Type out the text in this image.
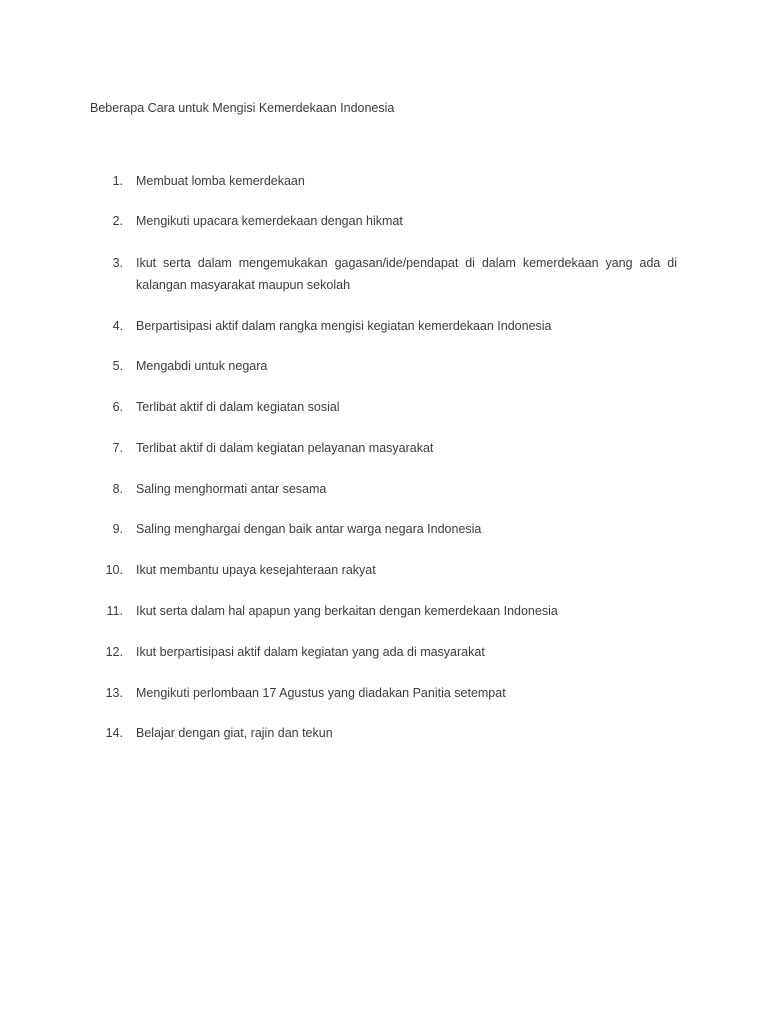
Beberapa Cara untuk Mengisi Kemerdekaan Indonesia
1. Membuat lomba kemerdekaan
2. Mengikuti upacara kemerdekaan dengan hikmat
3. Ikut serta dalam mengemukakan gagasan/ide/pendapat di dalam kemerdekaan yang ada di kalangan masyarakat maupun sekolah
4. Berpartisipasi aktif dalam rangka mengisi kegiatan kemerdekaan Indonesia
5. Mengabdi untuk negara
6. Terlibat aktif di dalam kegiatan sosial
7. Terlibat aktif di dalam kegiatan pelayanan masyarakat
8. Saling menghormati antar sesama
9. Saling menghargai dengan baik antar warga negara Indonesia
10. Ikut membantu upaya kesejahteraan rakyat
11. Ikut serta dalam hal apapun yang berkaitan dengan kemerdekaan Indonesia
12. Ikut berpartisipasi aktif dalam kegiatan yang ada di masyarakat
13. Mengikuti perlombaan 17 Agustus yang diadakan Panitia setempat
14. Belajar dengan giat, rajin dan tekun
